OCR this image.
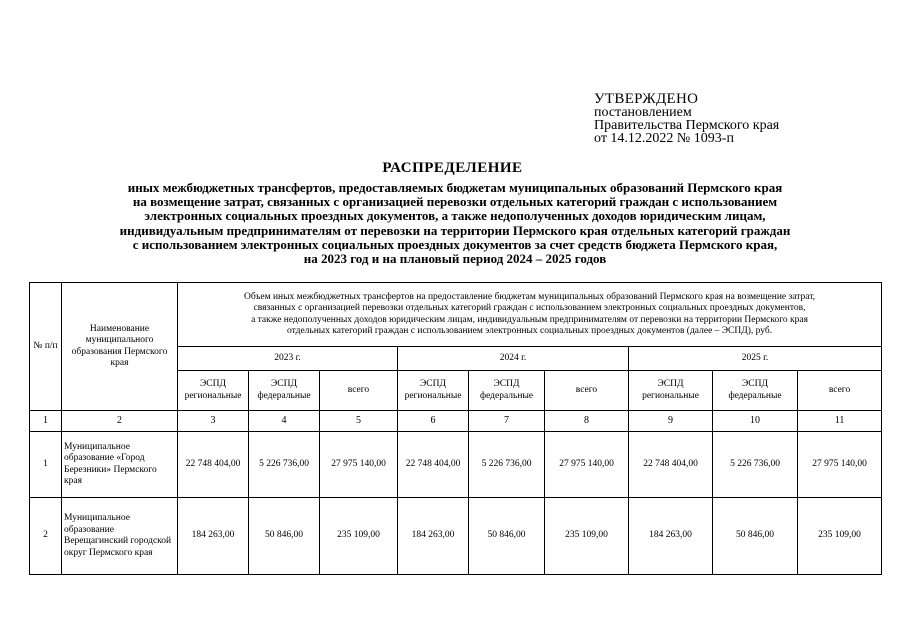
УТВЕРЖДЕНО
постановлением
Правительства Пермского края
от 14.12.2022 № 1093-п
РАСПРЕДЕЛЕНИЕ
иных межбюджетных трансфертов, предоставляемых бюджетам муниципальных образований Пермского края
на возмещение затрат, связанных с организацией перевозки отдельных категорий граждан с использованием
электронных социальных проездных документов, а также недополученных доходов юридическим лицам,
индивидуальным предпринимателям от перевозки на территории Пермского края отдельных категорий граждан
с использованием электронных социальных проездных документов за счет средств бюджета Пермского края,
на 2023 год и на плановый период 2024 – 2025 годов
№ п/п	Наименование муниципального образования Пермского края	Объем иных межбюджетных трансфертов на предоставление бюджетам муниципальных образований Пермского края на возмещение затрат,
связанных с организацией перевозки отдельных категорий граждан с использованием электронных социальных проездных документов,
а также недополученных доходов юридическим лицам, индивидуальным предпринимателям от перевозки на территории Пермского края
отдельных категорий граждан с использованием электронных социальных проездных документов (далее – ЭСПД), руб.								

		2023 г.			2024 г.			2025 г.		
		ЭСПД региональные	ЭСПД федеральные	всего	ЭСПД региональные	ЭСПД федеральные	всего	ЭСПД региональные	ЭСПД федеральные	всего
1	2	3	4	5	6	7	8	9	10	11
1	Муниципальное образование «Город Березники» Пермского края	22 748 404,00	5 226 736,00	27 975 140,00	22 748 404,00	5 226 736,00	27 975 140,00	22 748 404,00	5 226 736,00	27 975 140,00
2	Муниципальное образование Верещагинский городской округ Пермского края	184 263,00	50 846,00	235 109,00	184 263,00	50 846,00	235 109,00	184 263,00	50 846,00	235 109,00
